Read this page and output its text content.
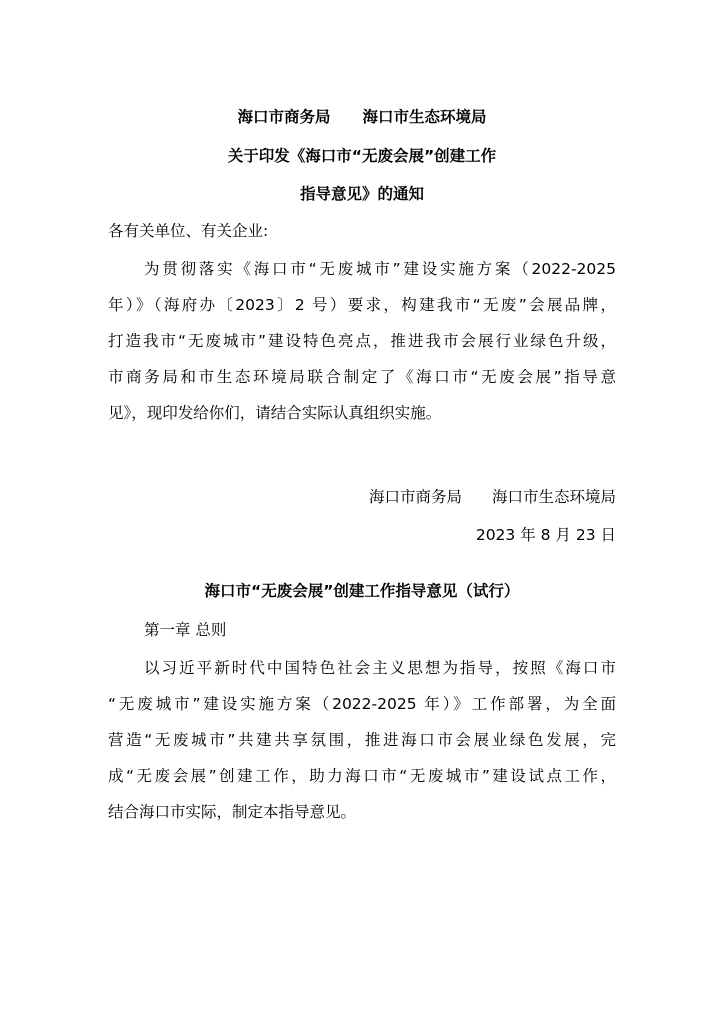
海口市商务局 海口市生态环境局
关于印发《海口市“无废会展”创建工作
指导意见》的通知
各有关单位、有关企业:
为贯彻落实《海口市“无废城市”建设实施方案（2022-2025
年）》（海府办〔2023〕2 号）要求，构建我市“无废”会展品牌，
打造我市“无废城市”建设特色亮点，推进我市会展行业绿色升级，
市商务局和市生态环境局联合制定了《海口市“无废会展”指导意
见》，现印发给你们，请结合实际认真组织实施。
海口市商务局 海口市生态环境局
2023 年 8 月 23 日
海口市“无废会展”创建工作指导意见（试行）
第一章 总则
以习近平新时代中国特色社会主义思想为指导，按照《海口市
“无废城市”建设实施方案（2022-2025 年）》工作部署，为全面
营造“无废城市”共建共享氛围，推进海口市会展业绿色发展，完
成“无废会展”创建工作，助力海口市“无废城市”建设试点工作，
结合海口市实际，制定本指导意见。
